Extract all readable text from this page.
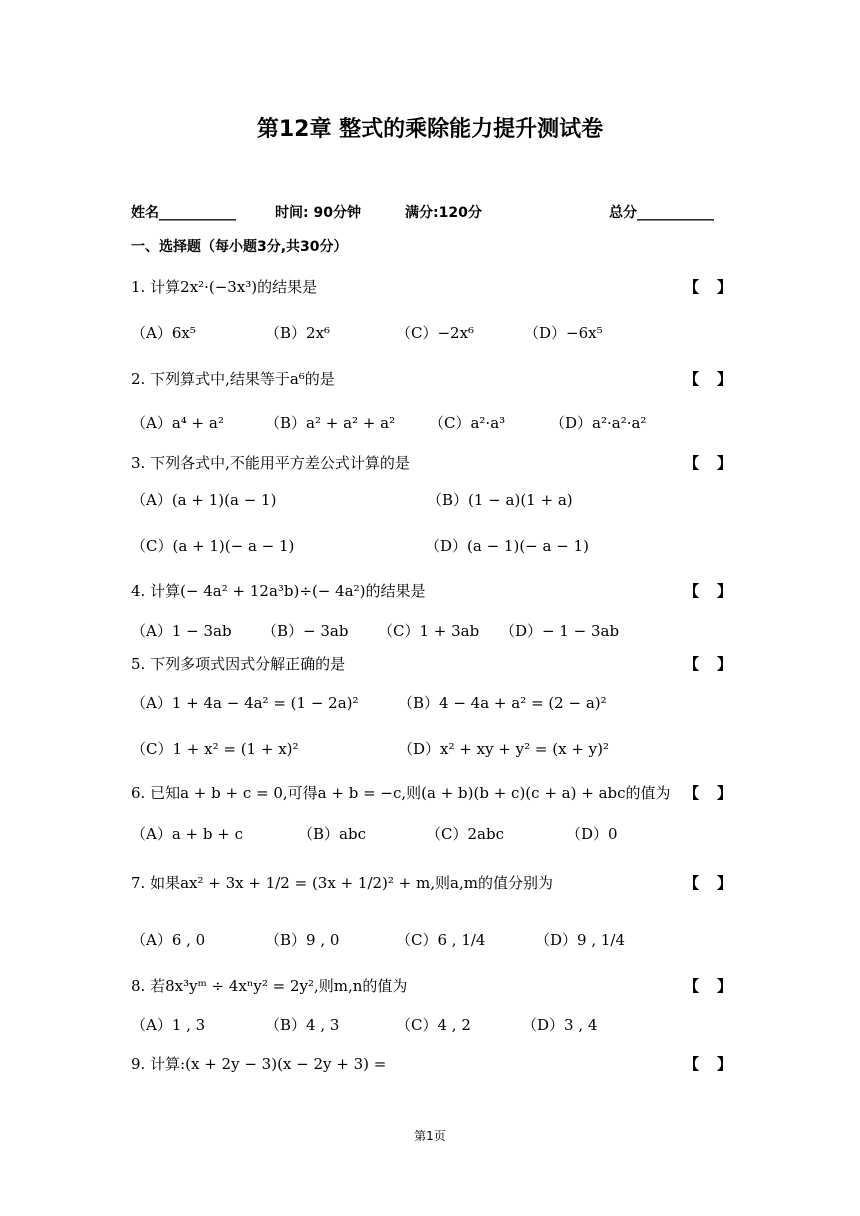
第12章 整式的乘除能力提升测试卷
姓名___________	时间: 90分钟	满分:120分	总分___________
一、选择题（每小题3分,共30分）
1. 计算2x²·(−3x³)的结果是	【 】
（A）6x⁵	（B）2x⁶	（C）−2x⁶	（D）−6x⁵
2. 下列算式中,结果等于a⁶的是	【 】
（A）a⁴ + a²	（B）a² + a² + a² （C）a²·a³	（D）a²·a²·a²
3. 下列各式中,不能用平方差公式计算的是	【 】
（A）(a + 1)(a − 1)	（B）(1 − a)(1 + a)
（C）(a + 1)(− a − 1)	（D）(a − 1)(− a − 1)
4. 计算(− 4a² + 12a³b)÷(− 4a²)的结果是	【 】
（A）1 − 3ab （B）− 3ab （C）1 + 3ab （D）− 1 − 3ab
5. 下列多项式因式分解正确的是	【 】
（A）1 + 4a − 4a² = (1 − 2a)²	（B）4 − 4a + a² = (2 − a)²
（C）1 + x² = (1 + x)²	（D）x² + xy + y² = (x + y)²
6. 已知a + b + c = 0,可得a + b = −c,则(a + b)(b + c)(c + a) + abc的值为 【 】
（A）a + b + c	（B）abc	（C）2abc	（D）0
7. 如果ax² + 3x + 1/2 = (3x + 1/2)² + m,则a,m的值分别为	【 】
（A）6 , 0	（B）9 , 0	（C）6 , 1/4	（D）9 , 1/4
8. 若8x³yᵐ ÷ 4xⁿy² = 2y²,则m,n的值为	【 】
（A）1 , 3	（B）4 , 3	（C）4 , 2	（D）3 , 4
9. 计算:(x + 2y − 3)(x − 2y + 3) =	【 】
第1页
